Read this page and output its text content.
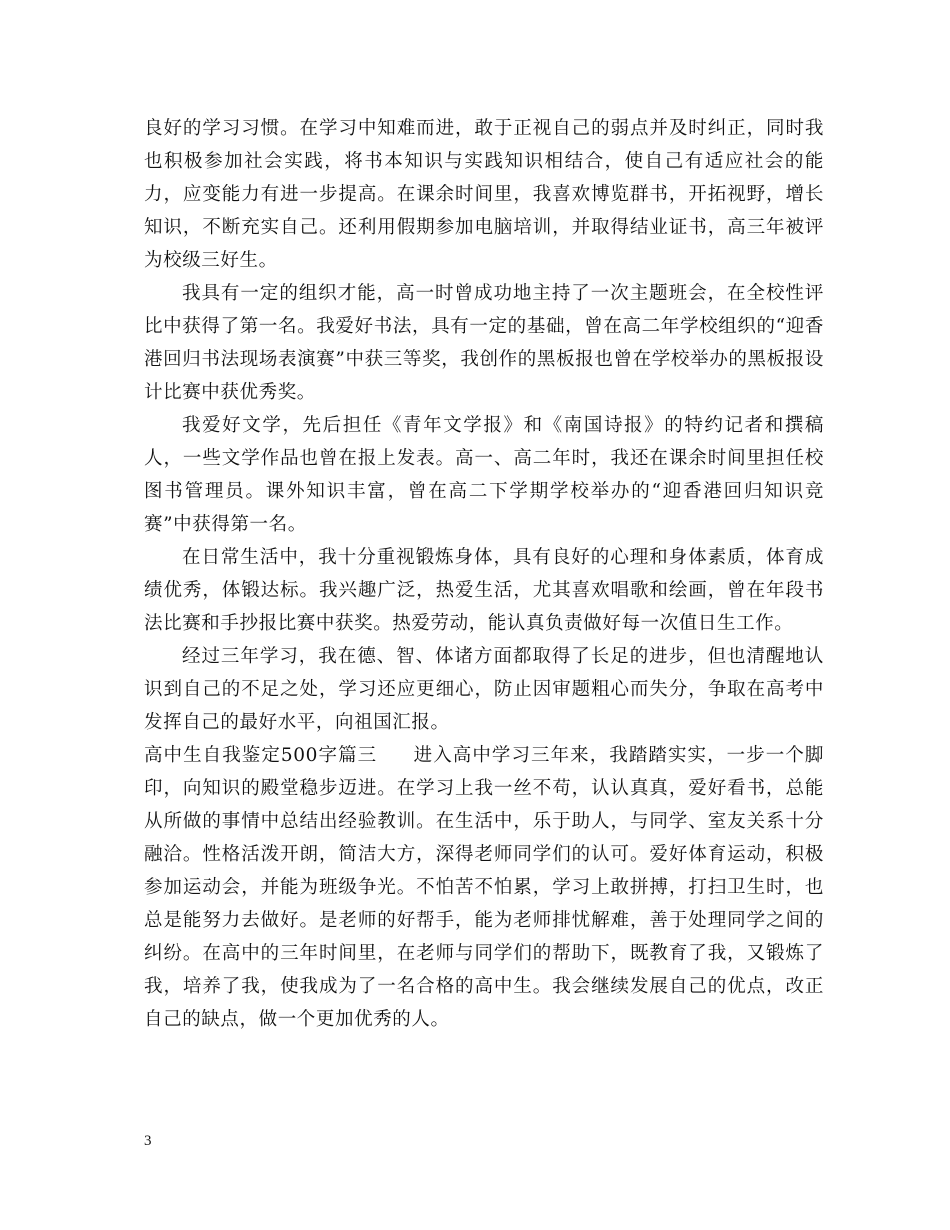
良好的学习习惯。在学习中知难而进，敢于正视自己的弱点并及时纠正，同时我也积极参加社会实践，将书本知识与实践知识相结合，使自己有适应社会的能力，应变能力有进一步提高。在课余时间里，我喜欢博览群书，开拓视野，增长知识，不断充实自己。还利用假期参加电脑培训，并取得结业证书，高三年被评为校级三好生。

我具有一定的组织才能，高一时曾成功地主持了一次主题班会，在全校性评比中获得了第一名。我爱好书法，具有一定的基础，曾在高二年学校组织的“迎香港回归书法现场表演赛”中获三等奖，我创作的黑板报也曾在学校举办的黑板报设计比赛中获优秀奖。

我爱好文学，先后担任《青年文学报》和《南国诗报》的特约记者和撰稿人，一些文学作品也曾在报上发表。高一、高二年时，我还在课余时间里担任校图书管理员。课外知识丰富，曾在高二下学期学校举办的“迎香港回归知识竞赛”中获得第一名。

在日常生活中，我十分重视锻炼身体，具有良好的心理和身体素质，体育成绩优秀，体锻达标。我兴趣广泛，热爱生活，尤其喜欢唱歌和绘画，曾在年段书法比赛和手抄报比赛中获奖。热爱劳动，能认真负责做好每一次值日生工作。

经过三年学习，我在德、智、体诸方面都取得了长足的进步，但也清醒地认识到自己的不足之处，学习还应更细心，防止因审题粗心而失分，争取在高考中发挥自己的最好水平，向祖国汇报。

高中生自我鉴定500字篇三 进入高中学习三年来，我踏踏实实，一步一个脚印，向知识的殿堂稳步迈进。在学习上我一丝不苟，认认真真，爱好看书，总能从所做的事情中总结出经验教训。在生活中，乐于助人，与同学、室友关系十分融洽。性格活泼开朗，简洁大方，深得老师同学们的认可。爱好体育运动，积极参加运动会，并能为班级争光。不怕苦不怕累，学习上敢拼搏，打扫卫生时，也总是能努力去做好。是老师的好帮手，能为老师排忧解难，善于处理同学之间的纠纷。在高中的三年时间里，在老师与同学们的帮助下，既教育了我，又锻炼了我，培养了我，使我成为了一名合格的高中生。我会继续发展自己的优点，改正自己的缺点，做一个更加优秀的人。

3
